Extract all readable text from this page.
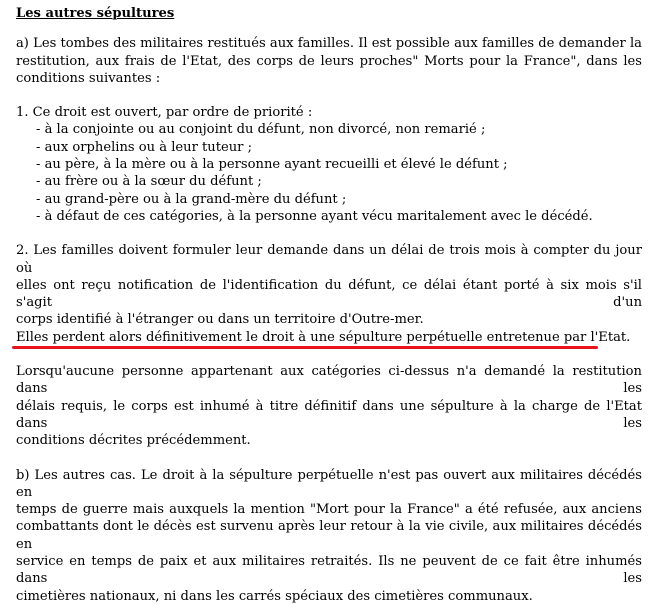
Les autres sépultures
a) Les tombes des militaires restitués aux familles. Il est possible aux familles de demander la
restitution, aux frais de l'Etat, des corps de leurs proches" Morts pour la France", dans les
conditions suivantes :
1. Ce droit est ouvert, par ordre de priorité :
- à la conjointe ou au conjoint du défunt, non divorcé, non remarié ;
- aux orphelins ou à leur tuteur ;
- au père, à la mère ou à la personne ayant recueilli et élevé le défunt ;
- au frère ou à la sœur du défunt ;
- au grand-père ou à la grand-mère du défunt ;
- à défaut de ces catégories, à la personne ayant vécu maritalement avec le décédé.
2. Les familles doivent formuler leur demande dans un délai de trois mois à compter du jour où
elles ont reçu notification de l'identification du défunt, ce délai étant porté à six mois s'il s'agit d'un
corps identifié à l'étranger ou dans un territoire d'Outre-mer.
Elles perdent alors définitivement le droit à une sépulture perpétuelle entretenue par l'Etat.
Lorsqu'aucune personne appartenant aux catégories ci-dessus n'a demandé la restitution dans les
délais requis, le corps est inhumé à titre définitif dans une sépulture à la charge de l'Etat dans les
conditions décrites précédemment.
b) Les autres cas. Le droit à la sépulture perpétuelle n'est pas ouvert aux militaires décédés en
temps de guerre mais auxquels la mention "Mort pour la France" a été refusée, aux anciens
combattants dont le décès est survenu après leur retour à la vie civile, aux militaires décédés en
service en temps de paix et aux militaires retraités. Ils ne peuvent de ce fait être inhumés dans les
cimetières nationaux, ni dans les carrés spéciaux des cimetières communaux.
